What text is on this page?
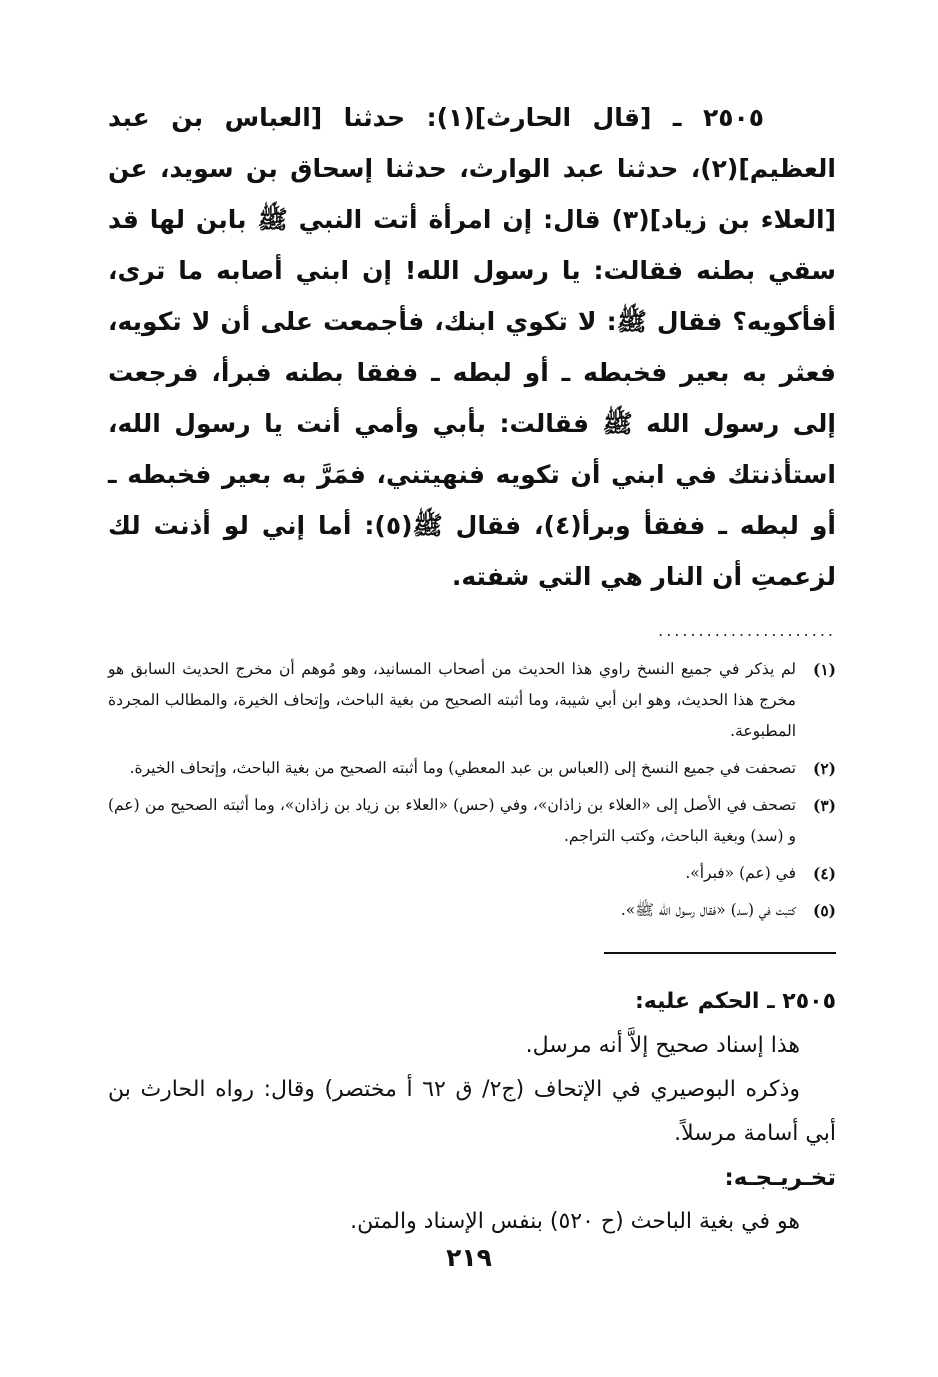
٢٥٠٥ ـ [قال الحارث](١): حدثنا [العباس بن عبد العظيم](٢)، حدثنا عبد الوارث، حدثنا إسحاق بن سويد، عن [العلاء بن زياد](٣) قال: إن امرأة أتت النبي ﷺ بابن لها قد سقي بطنه فقالت: يا رسول الله! إن ابني أصابه ما ترى، أفأكويه؟ فقال ﷺ: لا تكوي ابنك، فأجمعت على أن لا تكويه، فعثر به بعير فخبطه ـ أو لبطه ـ ففقا بطنه فبرأ، فرجعت إلى رسول الله ﷺ فقالت: بأبي وأمي أنت يا رسول الله، استأذنتك في ابني أن تكويه فنهيتني، فمَرَّ به بعير فخبطه ـ أو لبطه ـ ففقأ وبرأ(٤)، فقال ﷺ(٥): أما إني لو أذنت لك لزعمتِ أن النار هي التي شفته.

......................
(١)
لم يذكر في جميع النسخ راوي هذا الحديث من أصحاب المسانيد، وهو مُوهم أن مخرج الحديث السابق هو مخرج هذا الحديث، وهو ابن أبي شيبة، وما أثبته الصحيح من بغية الباحث، وإتحاف الخيرة، والمطالب المجردة المطبوعة.
(٢)
تصحفت في جميع النسخ إلى (العباس بن عبد المعطي) وما أثبته الصحيح من بغية الباحث، وإتحاف الخيرة.
(٣)
تصحف في الأصل إلى «العلاء بن زاذان»، وفي (حس) «العلاء بن زياد بن زاذان»، وما أثبته الصحيح من (عم) و (سد) وبغية الباحث، وكتب التراجم.
(٤)
في (عم) «فبرأ».
(٥)
كتبت في (سد) «فقال رسول الله ﷺ».
٢٥٠٥ ـ الحكم عليه:
هذا إسناد صحيح إلاَّ أنه مرسل.
وذكره البوصيري في الإتحاف (ج٢/ ق ٦٢ أ مختصر) وقال: رواه الحارث بن أبي أسامة مرسلاً.
تخـريـجـه:
هو في بغية الباحث (ح ٥٢٠) بنفس الإسناد والمتن.
٢١٩
